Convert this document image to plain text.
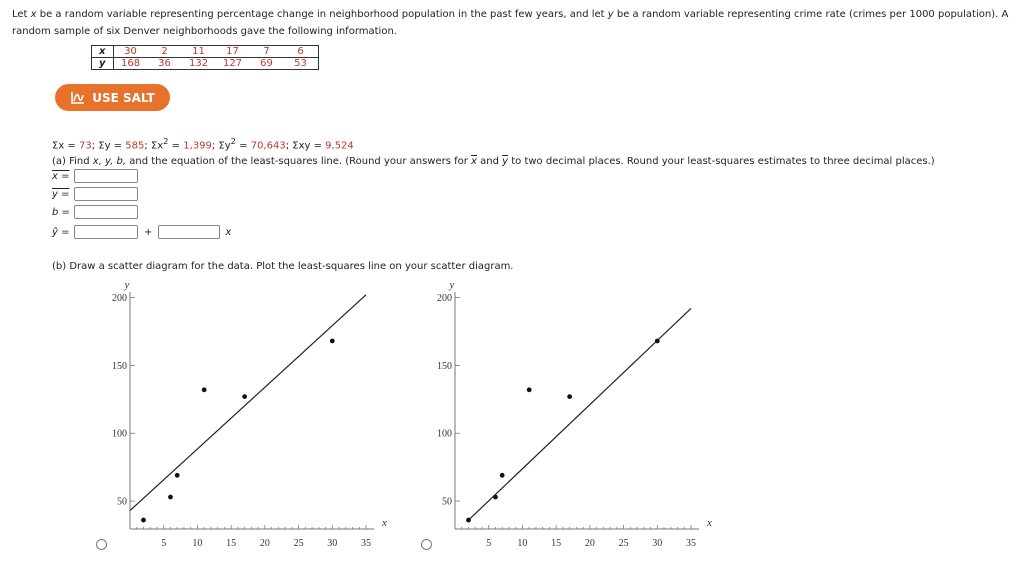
Let x be a random variable representing percentage change in neighborhood population in the past few years, and let y be a random variable representing crime rate (crimes per 1000 population). A random sample of six Denver neighborhoods gave the following information.
x	30	2	11	17	7	6
y	168	36	132	127	69	53
USE SALT
Σx = 73; Σy = 585; $\Sigma x^2 = 1,399$; $\Sigma y^2 = 70,643$; Σxy = 9,524
(a) Find x, y, b, and the equation of the least-squares line. (Round your answers for $\overline{x}$ and $\overline{y}$ to two decimal places. Round your least-squares estimates to three decimal places.)
x =
y =
b =
ŷ =	+	x
(b) Draw a scatter diagram for the data. Plot the least-squares line on your scatter diagram.
5	10 15 20 25 30 35
50
100
150
200
x
y
5	10 15 20 25 30 35
50
100
150
200
x
y
